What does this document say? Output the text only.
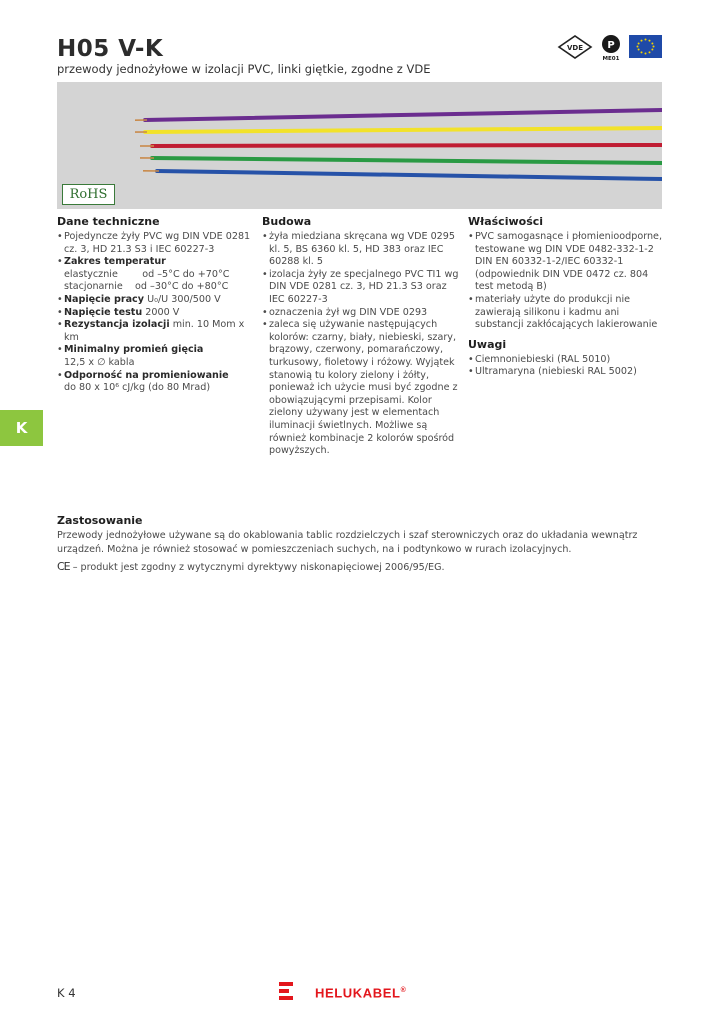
H05 V-K
przewody jednożyłowe w izolacji PVC, linki giętkie, zgodne z VDE
VDE P
ME01
RoHS
Dane techniczne
• Pojedyncze żyły PVC wg DIN VDE 0281 cz. 3, HD 21.3 S3 i IEC 60227-3
• Zakres temperatur
elastycznie        od –5°C do +70°C
stacjonarnie    od –30°C do +80°C
• Napięcie pracy U₀/U 300/500 V
• Napięcie testu 2000 V
• Rezystancja izolacji min. 10 Mom x km
• Minimalny promień gięcia
12,5 x ∅ kabla
• Odporność na promieniowanie
do 80 x 10⁶ cJ/kg (do 80 Mrad)
Budowa
• żyła miedziana skręcana wg VDE 0295 kl. 5, BS 6360 kl. 5, HD 383 oraz IEC 60288 kl. 5
• izolacja żyły ze specjalnego PVC TI1 wg DIN VDE 0281 cz. 3, HD 21.3 S3 oraz IEC 60227-3
• oznaczenia żył wg DIN VDE 0293
• zaleca się używanie następujących kolorów: czarny, biały, niebieski, szary, brązowy, czerwony, pomarańczowy, turkusowy, fioletowy i różowy. Wyjątek stanowią tu kolory zielony i żółty, ponieważ ich użycie musi być zgodne z obowiązującymi przepisami. Kolor zielony używany jest w elementach iluminacji świetlnych. Możliwe są również kombinacje 2 kolorów spośród powyższych.
Właściwości
• PVC samogasnące i płomienioodporne, testowane wg DIN VDE 0482-332-1-2 DIN EN 60332-1-2/IEC 60332-1 (odpowiednik DIN VDE 0472 cz. 804 test metodą B)
• materiały użyte do produkcji nie zawierają silikonu i kadmu ani substancji zakłócających lakierowanie
Uwagi
• Ciemnoniebieski (RAL 5010)
• Ultramaryna (niebieski RAL 5002)
K
Zastosowanie
Przewody jednożyłowe używane są do okablowania tablic rozdzielczych i szaf sterowniczych oraz do układania wewnątrz urządzeń. Można je również stosować w pomieszczeniach suchych, na i podtynkowo w rurach izolacyjnych.
CE – produkt jest zgodny z wytycznymi dyrektywy niskonapięciowej 2006/95/EG.
K 4	HELUKABEL®
